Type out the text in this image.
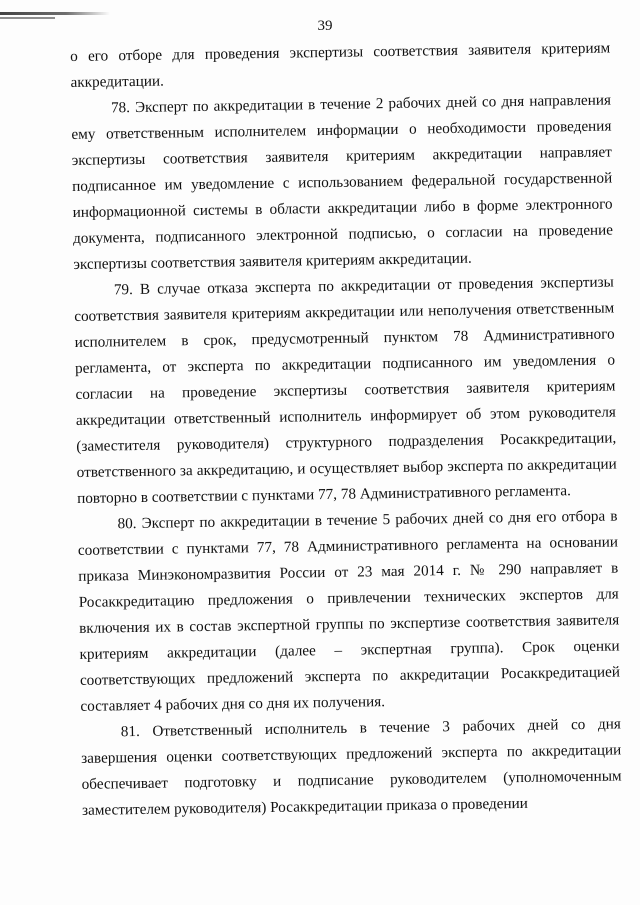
39

о его отборе для проведения экспертизы соответствия заявителя критериям аккредитации.

78. Эксперт по аккредитации в течение 2 рабочих дней со дня направления ему ответственным исполнителем информации о необходимости проведения экспертизы соответствия заявителя критериям аккредитации направляет подписанное им уведомление с использованием федеральной государственной информационной системы в области аккредитации либо в форме электронного документа, подписанного электронной подписью, о согласии на проведение экспертизы соответствия заявителя критериям аккредитации.

79. В случае отказа эксперта по аккредитации от проведения экспертизы соответствия заявителя критериям аккредитации или неполучения ответственным исполнителем в срок, предусмотренный пунктом 78 Административного регламента, от эксперта по аккредитации подписанного им уведомления о согласии на проведение экспертизы соответствия заявителя критериям аккредитации ответственный исполнитель информирует об этом руководителя (заместителя руководителя) структурного подразделения Росаккредитации, ответственного за аккредитацию, и осуществляет выбор эксперта по аккредитации повторно в соответствии с пунктами 77, 78 Административного регламента.

80. Эксперт по аккредитации в течение 5 рабочих дней со дня его отбора в соответствии с пунктами 77, 78 Административного регламента на основании приказа Минэкономразвития России от 23 мая 2014 г. № 290 направляет в Росаккредитацию предложения о привлечении технических экспертов для включения их в состав экспертной группы по экспертизе соответствия заявителя критериям аккредитации (далее – экспертная группа). Срок оценки соответствующих предложений эксперта по аккредитации Росаккредитацией составляет 4 рабочих дня со дня их получения.

81. Ответственный исполнитель в течение 3 рабочих дней со дня завершения оценки соответствующих предложений эксперта по аккредитации обеспечивает подготовку и подписание руководителем (уполномоченным заместителем руководителя) Росаккредитации приказа о проведении
